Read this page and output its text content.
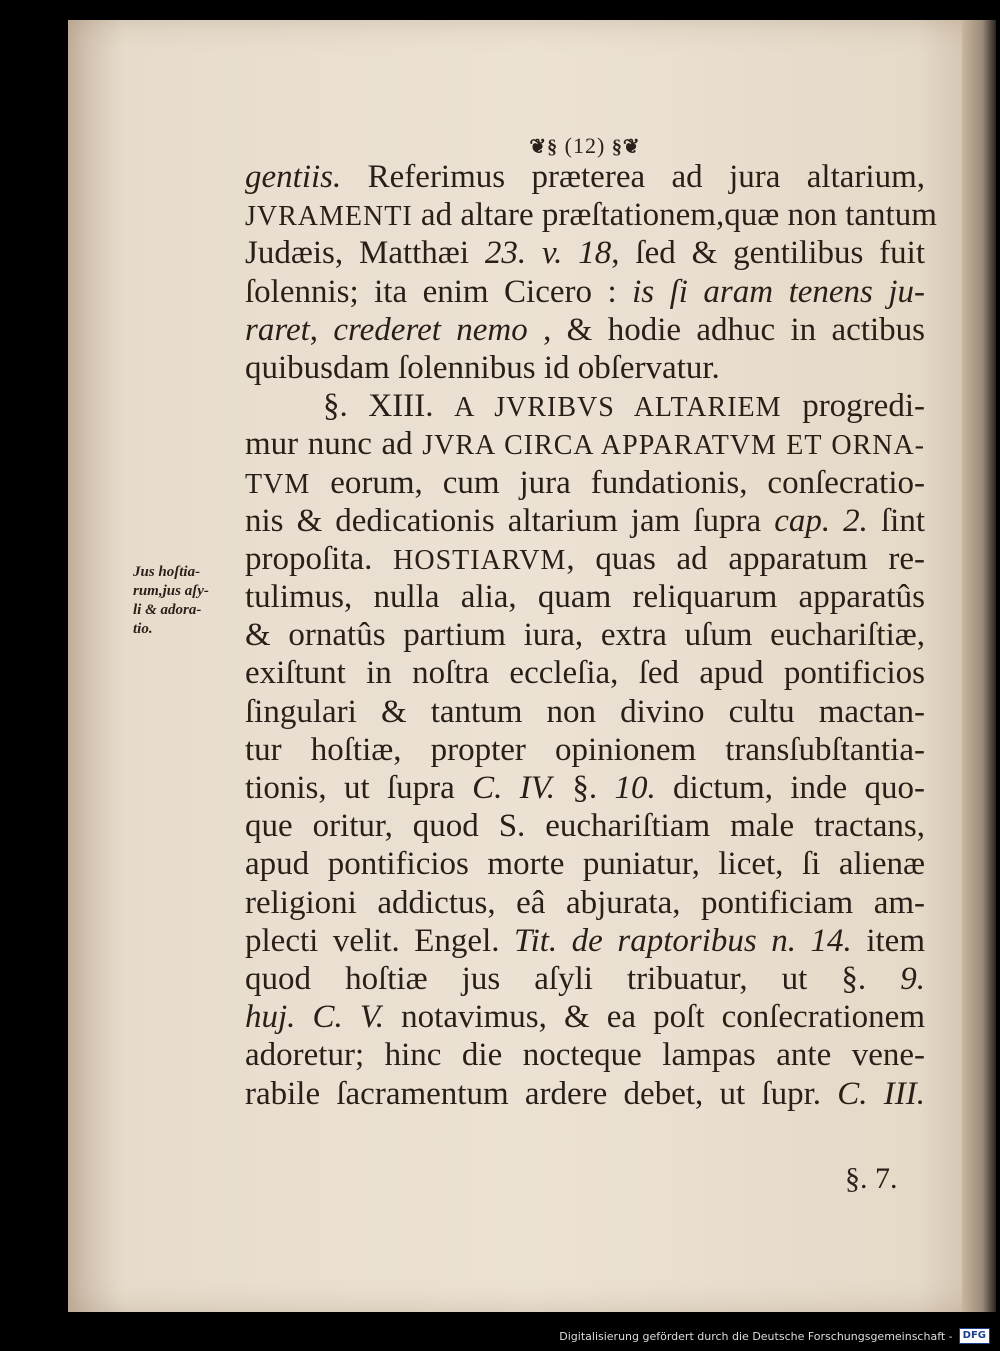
❦§ (12) §❦
gentiis. Referimus præterea ad jura altarium,
JVRAMENTI ad altare præſtationem,quæ non tantum
Judæis, Matthæi 23. v. 18, ſed & gentilibus fuit
ſolennis; ita enim Cicero : is ſi aram tenens ju-
raret, crederet nemo , & hodie adhuc in actibus
quibusdam ſolennibus id obſervatur.
§. XIII. A JVRIBVS ALTARIEM progredi-
mur nunc ad JVRA CIRCA APPARATVM ET ORNA-
TVM eorum, cum jura fundationis, conſecratio-
nis & dedicationis altarium jam ſupra cap. 2. ſint
propoſita. HOSTIARVM, quas ad apparatum re-
tulimus, nulla alia, quam reliquarum apparatûs
& ornatûs partium iura, extra uſum euchariſtiæ,
exiſtunt in noſtra eccleſia, ſed apud pontificios
ſingulari & tantum non divino cultu mactan-
tur hoſtiæ, propter opinionem transſubſtantia-
tionis, ut ſupra C. IV. §. 10. dictum, inde quo-
que oritur, quod S. euchariſtiam male tractans,
apud pontificios morte puniatur, licet, ſi alienæ
religioni addictus, eâ abjurata, pontificiam am-
plecti velit. Engel. Tit. de raptoribus n. 14. item
quod hoſtiæ jus aſyli tribuatur, ut §. 9.
huj. C. V. notavimus, & ea poſt conſecrationem
adoretur; hinc die nocteque lampas ante vene-
rabile ſacramentum ardere debet, ut ſupr. C. III.
Jus hoſtia-
rum,jus aſy-
li & adora-
tio.
§. 7.
Digitalisierung gefördert durch die Deutsche Forschungsgemeinschaft -	DFG
